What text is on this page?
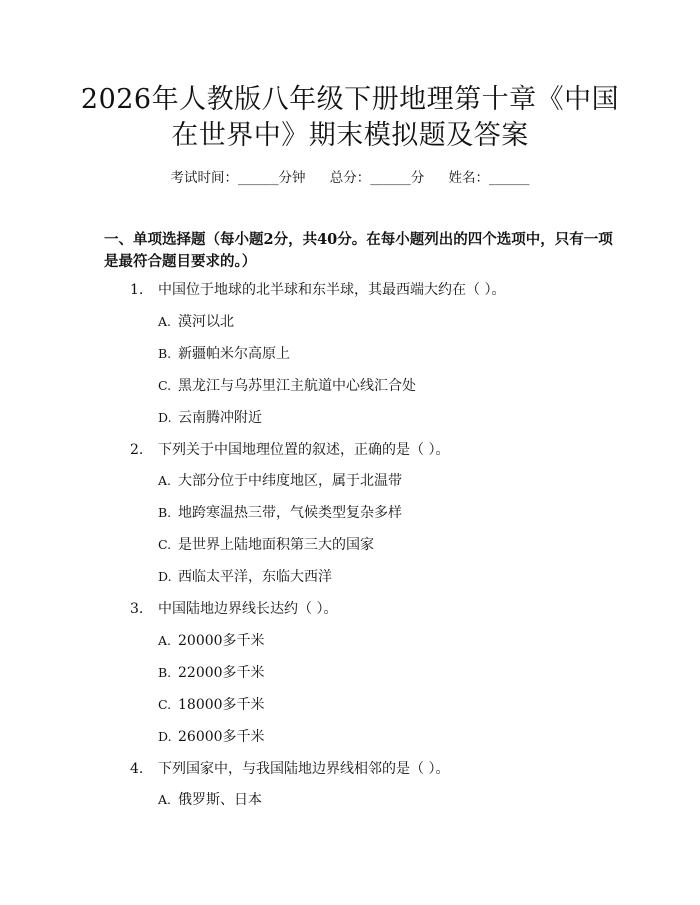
2026年人教版八年级下册地理第十章《中国
在世界中》期末模拟题及答案
考试时间：______分钟 总分：______分 姓名：______
一、单项选择题（每小题2分，共40分。在每小题列出的四个选项中，只有一项
是最符合题目要求的。）
1. 中国位于地球的北半球和东半球，其最西端大约在（ ）。
A. 漠河以北
B. 新疆帕米尔高原上
C. 黑龙江与乌苏里江主航道中心线汇合处
D. 云南腾冲附近
2. 下列关于中国地理位置的叙述，正确的是（ ）。
A. 大部分位于中纬度地区，属于北温带
B. 地跨寒温热三带，气候类型复杂多样
C. 是世界上陆地面积第三大的国家
D. 西临太平洋，东临大西洋
3. 中国陆地边界线长达约（ ）。
A. 20000多千米
B. 22000多千米
C. 18000多千米
D. 26000多千米
4. 下列国家中，与我国陆地边界线相邻的是（ ）。
A. 俄罗斯、日本
